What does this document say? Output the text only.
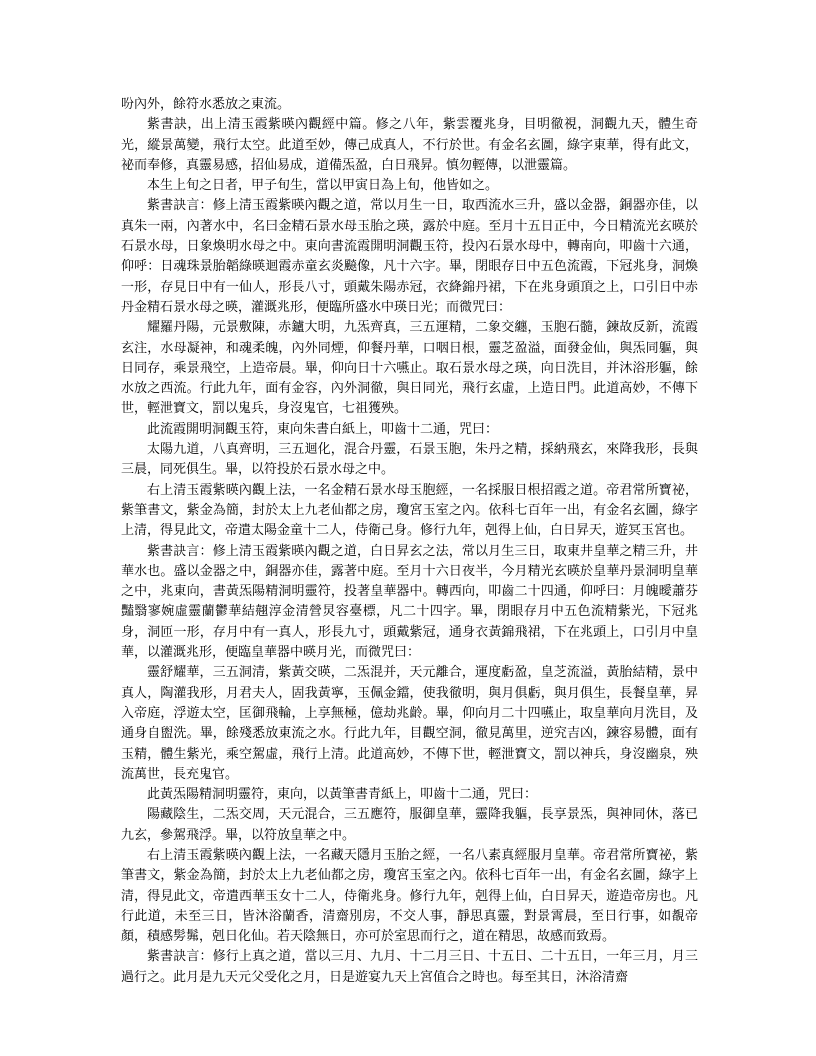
吩內外，餘符水悉放之東流。

紫書訣，出上清玉霞紫暎內觀經中篇。修之八年，紫雲覆兆身，目明徹視，洞觀九天，體生奇光，縱景萬變，飛行太空。此道至妙，傳己成真人，不行於世。有金名玄圖，綠字東華，得有此文，祕而奉修，真靈易感，招仙易成，道備炁盈，白日飛昇。慎勿輕傳，以泄靈篇。

本生上旬之日者，甲子旬生，當以甲寅日為上旬，他皆如之。

紫書訣言：修上清玉霞紫暎內觀之道，常以月生一日，取西流水三升，盛以金器，銅器亦佳，以真朱一兩，內著水中，名曰金精石景水母玉胎之瑛，露於中庭。至月十五日正中，今日精流光玄暎於石景水母，日象煥明水母之中。東向書流霞開明洞觀玉符，投內石景水母中，轉南向，叩齒十六通，仰呼：日魂珠景胎韜綠暎迴霞赤童玄炎飈像，凡十六字。畢，閉眼存日中五色流霞，下冠兆身，洞煥一形，存見日中有一仙人，形長八寸，頭戴朱陽赤冠，衣絳錦丹裙，下在兆身頭頂之上，口引日中赤丹金精石景水母之暎，灌溉兆形，便臨所盛水中瑛日光；而微咒曰：

耀羅丹陽，元景敷陳，赤鑪大明，九炁齊真，三五運精，二象交纏，玉胞石髓，鍊故反新，流霞玄注，水母凝神，和魂柔魄，內外同煙，仰餐丹華，口咽日根，靈芝盈溢，面發金仙，與炁同軀，與日同存，乘景飛空，上造帝晨。畢，仰向日十六嚥止。取石景水母之瑛，向日洗目，并沐浴形軀，餘水放之西流。行此九年，面有金容，內外洞徹，與日同光，飛行玄虛，上造日門。此道高妙，不傳下世，輕泄寶文，罰以鬼兵，身沒鬼官，七祖獲殃。

此流霞開明洞觀玉符，東向朱書白紙上，叩齒十二通，咒曰：

太陽九道，八真齊明，三五迴化，混合丹靈，石景玉胞，朱丹之精，採納飛玄，來降我形，長與三晨，同死俱生。畢，以符投於石景水母之中。

右上清玉霞紫暎內觀上法，一名金精石景水母玉胞經，一名採服日根招霞之道。帝君常所寶祕，紫筆書文，紫金為簡，封於太上九老仙都之房，瓊宮玉室之內。依科七百年一出，有金名玄圖，綠字上清，得見此文，帝遣太陽金童十二人，侍衛己身。修行九年，剋得上仙，白日昇天，遊冥玉宮也。

紫書訣言：修上清玉霞紫暎內觀之道，白日昇玄之法，常以月生三日，取東井皇華之精三升，井華水也。盛以金器之中，銅器亦佳，露著中庭。至月十六日夜半，今月精光玄暎於皇華丹景洞明皇華之中，兆東向，書黃炁陽精洞明靈符，投著皇華器中。轉西向，叩齒二十四通，仰呼曰：月魄曖蕭芬豔翳寥婉虛靈蘭鬱華結翹淳金清營炅容臺標，凡二十四字。畢，閉眼存月中五色流精紫光，下冠兆身，洞匝一形，存月中有一真人，形長九寸，頭戴紫冠，通身衣黃錦飛裙，下在兆頭上，口引月中皇華，以灌溉兆形，便臨皇華器中暎月光，而微咒曰：

靈舒耀華，三五洞清，紫黃交暎，二炁混并，天元離合，運度虧盈，皇芝流溢，黃胎結精，景中真人，陶灌我形，月君夫人，固我黃寧，玉佩金鐺，使我徹明，與月俱虧，與月俱生，長餐皇華，昇入帝庭，浮遊太空，匡御飛輪，上享無極，億劫兆齡。畢，仰向月二十四嚥止，取皇華向月洗目，及通身自盥洗。畢，餘殘悉放東流之水。行此九年，目觀空洞，徹見萬里，逆究吉凶，鍊容易體，面有玉精，體生紫光，乘空駕虛，飛行上清。此道高妙，不傳下世，輕泄寶文，罰以神兵，身沒幽泉，殃流萬世，長充鬼官。

此黃炁陽精洞明靈符，東向，以黃筆書青紙上，叩齒十二通，咒曰：

陽藏陰生，二炁交周，天元混合，三五應符，服御皇華，靈降我軀，長享景炁，與神同休，落已九玄，參駕飛浮。畢，以符放皇華之中。

右上清玉霞紫暎內觀上法，一名藏天隱月玉胎之經，一名八素真經服月皇華。帝君常所寶祕，紫筆書文，紫金為簡，封於太上九老仙都之房，瓊宮玉室之內。依科七百年一出，有金名玄圖，綠字上清，得見此文，帝遣西華玉女十二人，侍衛兆身。修行九年，剋得上仙，白日昇天，遊造帝房也。凡行此道，未至三日，皆沐浴蘭香，清齋別房，不交人事，靜思真靈，對景霄晨，至日行事，如覩帝顏，積感髣髴，剋日化仙。若天陰無日，亦可於室思而行之，道在精思，故感而致焉。

紫書訣言：修行上真之道，當以三月、九月、十二月三日、十五日、二十五日，一年三月，月三過行之。此月是九天元父受化之月，日是遊宴九天上宮值合之時也。每至其日，沐浴清齋
